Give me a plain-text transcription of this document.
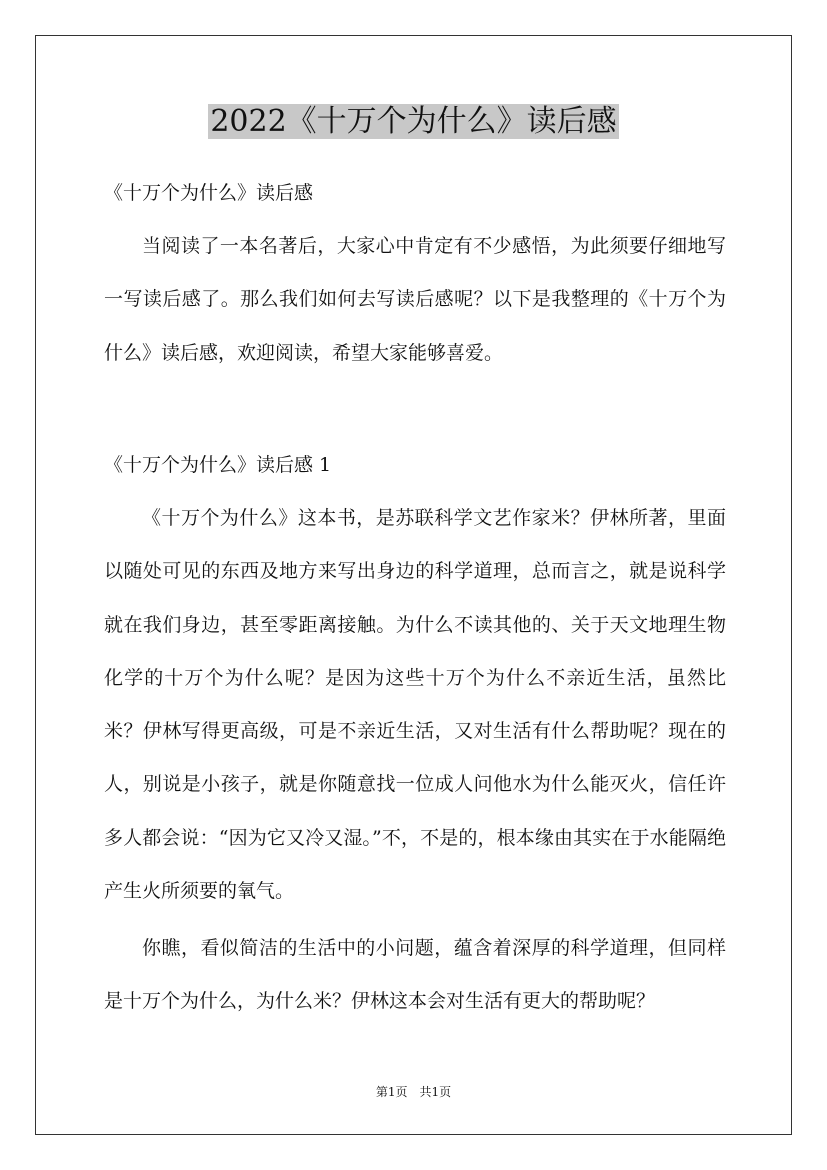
2022《十万个为什么》读后感

《十万个为什么》读后感

当阅读了一本名著后，大家心中肯定有不少感悟，为此须要仔细地写一写读后感了。那么我们如何去写读后感呢？以下是我整理的《十万个为什么》读后感，欢迎阅读，希望大家能够喜爱。

《十万个为什么》读后感 1

《十万个为什么》这本书，是苏联科学文艺作家米？伊林所著，里面以随处可见的东西及地方来写出身边的科学道理，总而言之，就是说科学就在我们身边，甚至零距离接触。为什么不读其他的、关于天文地理生物化学的十万个为什么呢？是因为这些十万个为什么不亲近生活，虽然比米？伊林写得更高级，可是不亲近生活，又对生活有什么帮助呢？现在的人，别说是小孩子，就是你随意找一位成人问他水为什么能灭火，信任许多人都会说：“因为它又冷又湿。”不，不是的，根本缘由其实在于水能隔绝产生火所须要的氧气。

你瞧，看似简洁的生活中的小问题，蕴含着深厚的科学道理，但同样是十万个为什么，为什么米？伊林这本会对生活有更大的帮助呢？

第1页　共1页
